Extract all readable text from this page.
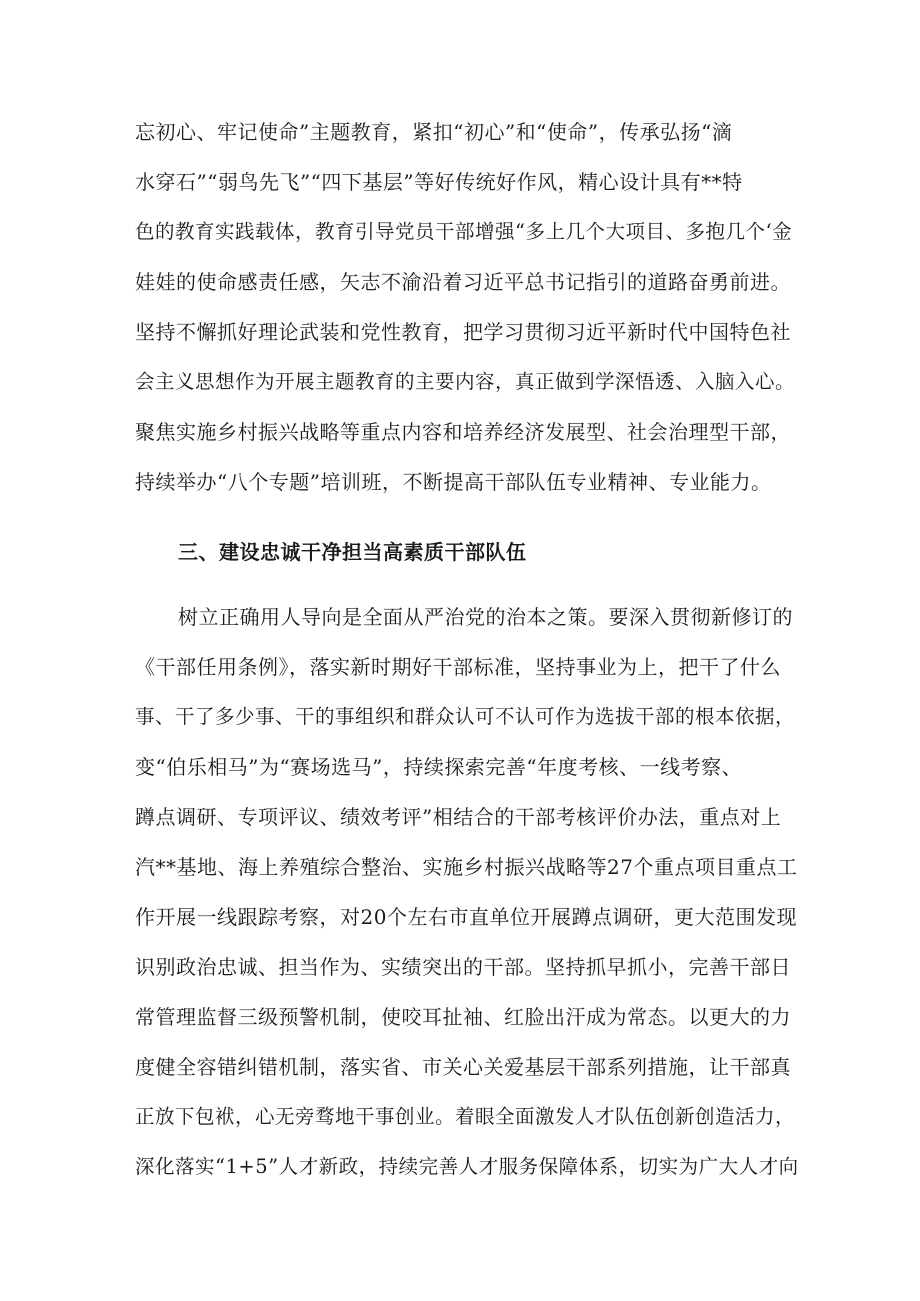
忘初心、牢记使命”主题教育，紧扣“初心”和“使命”，传承弘扬“滴
水穿石”“弱鸟先飞”“四下基层”等好传统好作风，精心设计具有**特
色的教育实践载体，教育引导党员干部增强“多上几个大项目、多抱几个‘金
娃娃的使命感责任感，矢志不渝沿着习近平总书记指引的道路奋勇前进。
坚持不懈抓好理论武装和党性教育，把学习贯彻习近平新时代中国特色社
会主义思想作为开展主题教育的主要内容，真正做到学深悟透、入脑入心。
聚焦实施乡村振兴战略等重点内容和培养经济发展型、社会治理型干部，
持续举办“八个专题”培训班，不断提高干部队伍专业精神、专业能力。
三、建设忠诚干净担当高素质干部队伍
树立正确用人导向是全面从严治党的治本之策。要深入贯彻新修订的
《干部任用条例》，落实新时期好干部标准，坚持事业为上，把干了什么
事、干了多少事、干的事组织和群众认可不认可作为选拔干部的根本依据，
变“伯乐相马”为“赛场选马”，持续探索完善“年度考核、一线考察、
蹲点调研、专项评议、绩效考评”相结合的干部考核评价办法，重点对上
汽**基地、海上养殖综合整治、实施乡村振兴战略等27个重点项目重点工
作开展一线跟踪考察，对20个左右市直单位开展蹲点调研，更大范围发现
识别政治忠诚、担当作为、实绩突出的干部。坚持抓早抓小，完善干部日
常管理监督三级预警机制，使咬耳扯袖、红脸出汗成为常态。以更大的力
度健全容错纠错机制，落实省、市关心关爱基层干部系列措施，让干部真
正放下包袱，心无旁骛地干事创业。着眼全面激发人才队伍创新创造活力，
深化落实“1+5”人才新政，持续完善人才服务保障体系，切实为广大人才向
